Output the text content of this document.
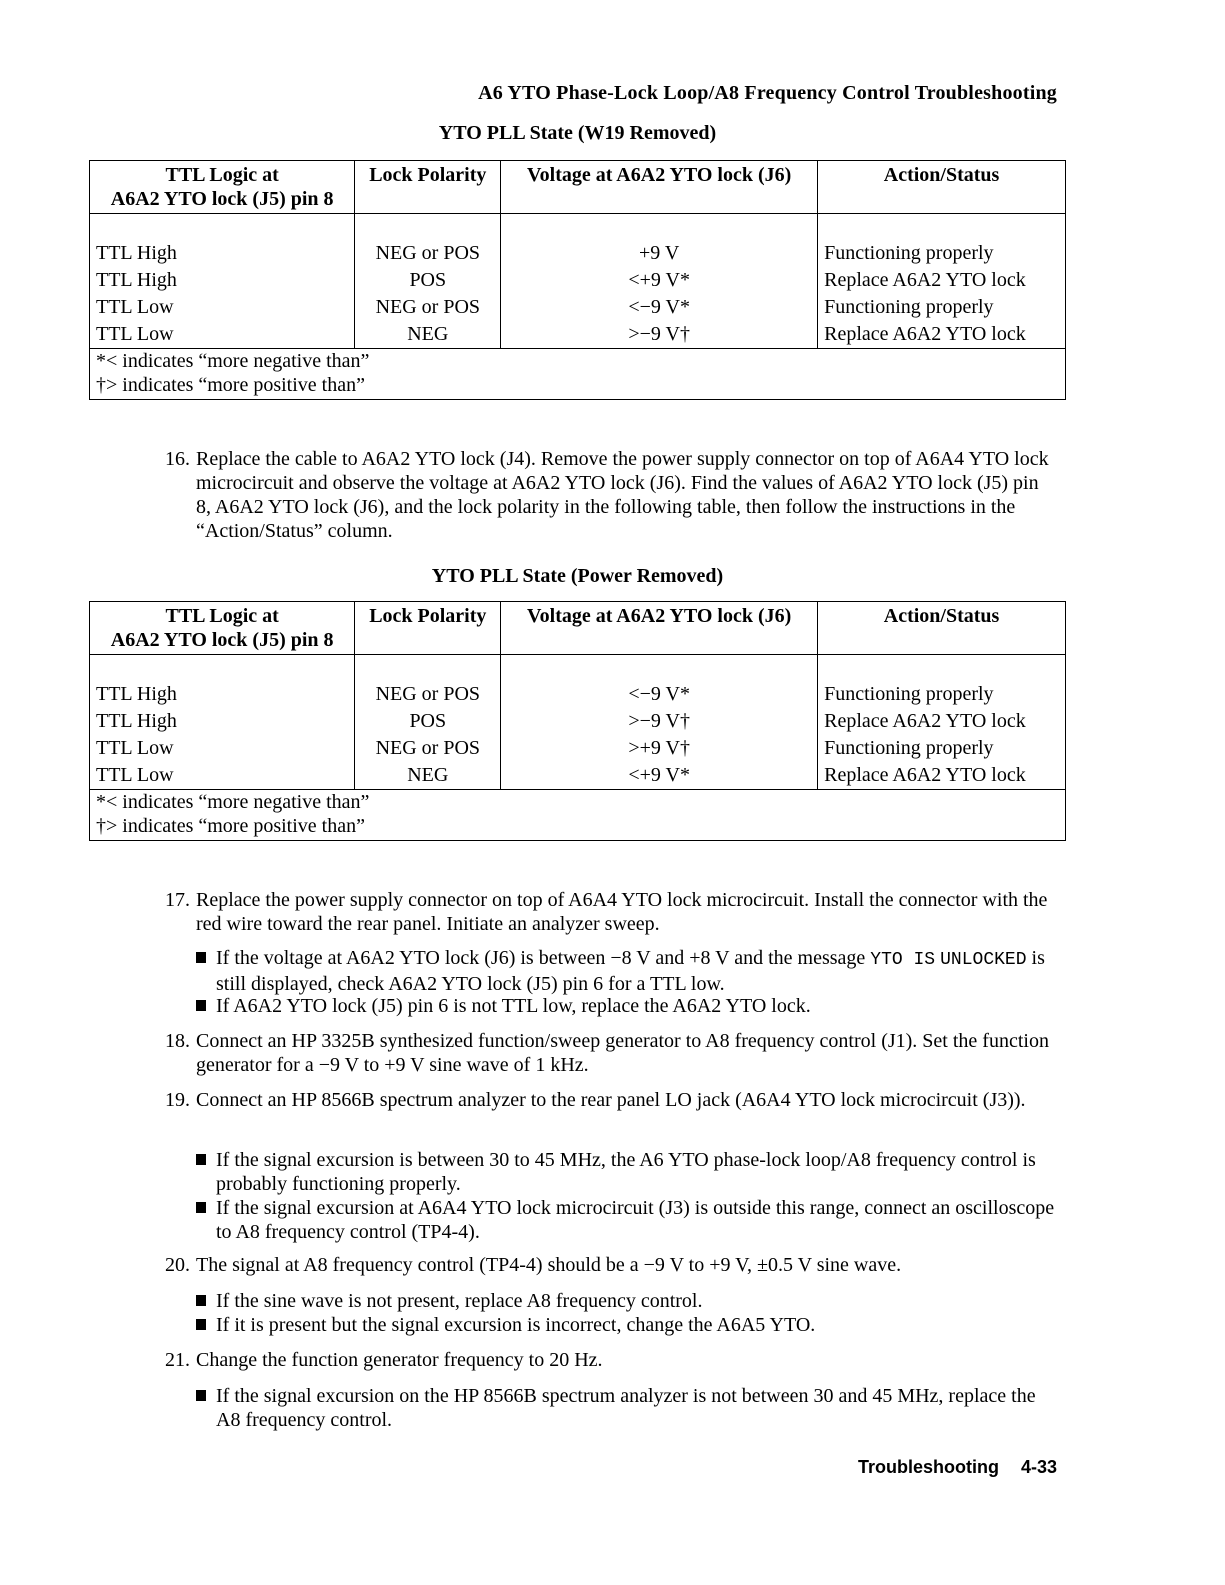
A6 YTO Phase-Lock Loop/A8 Frequency Control Troubleshooting
YTO PLL State (W19 Removed)
TTL Logic at
A6A2 YTO lock (J5) pin 8	Lock Polarity	Voltage at A6A2 YTO lock (J6)	Action/Status

TTL High	NEG or POS	+9 V	Functioning properly
TTL High	POS	<+9 V*	Replace A6A2 YTO lock
TTL Low	NEG or POS	<−9 V*	Functioning properly
TTL Low	NEG	>−9 V†	Replace A6A2 YTO lock

*< indicates “more negative than”
†> indicates “more positive than”			
16. Replace the cable to A6A2 YTO lock (J4). Remove the power supply connector on top of A6A4 YTO lock microcircuit and observe the voltage at A6A2 YTO lock (J6). Find the values of A6A2 YTO lock (J5) pin 8, A6A2 YTO lock (J6), and the lock polarity in the following table, then follow the instructions in the “Action/Status” column.
YTO PLL State (Power Removed)
TTL Logic at
A6A2 YTO lock (J5) pin 8	Lock Polarity	Voltage at A6A2 YTO lock (J6)	Action/Status

TTL High	NEG or POS	<−9 V*	Functioning properly
TTL High	POS	>−9 V†	Replace A6A2 YTO lock
TTL Low	NEG or POS	>+9 V†	Functioning properly
TTL Low	NEG	<+9 V*	Replace A6A2 YTO lock

*< indicates “more negative than”
†> indicates “more positive than”			
17. Replace the power supply connector on top of A6A4 YTO lock microcircuit. Install the connector with the red wire toward the rear panel. Initiate an analyzer sweep.
If the voltage at A6A2 YTO lock (J6) is between −8 V and +8 V and the message YTO IS UNLOCKED is still displayed, check A6A2 YTO lock (J5) pin 6 for a TTL low.
If A6A2 YTO lock (J5) pin 6 is not TTL low, replace the A6A2 YTO lock.
18. Connect an HP 3325B synthesized function/sweep generator to A8 frequency control (J1). Set the function generator for a −9 V to +9 V sine wave of 1 kHz.
19. Connect an HP 8566B spectrum analyzer to the rear panel LO jack (A6A4 YTO lock microcircuit (J3)).
If the signal excursion is between 30 to 45 MHz, the A6 YTO phase-lock loop/A8 frequency control is probably functioning properly.
If the signal excursion at A6A4 YTO lock microcircuit (J3) is outside this range, connect an oscilloscope to A8 frequency control (TP4-4).
20. The signal at A8 frequency control (TP4-4) should be a −9 V to +9 V, ±0.5 V sine wave.
If the sine wave is not present, replace A8 frequency control.
If it is present but the signal excursion is incorrect, change the A6A5 YTO.
21. Change the function generator frequency to 20 Hz.
If the signal excursion on the HP 8566B spectrum analyzer is not between 30 and 45 MHz, replace the A8 frequency control.
Troubleshooting 4-33
